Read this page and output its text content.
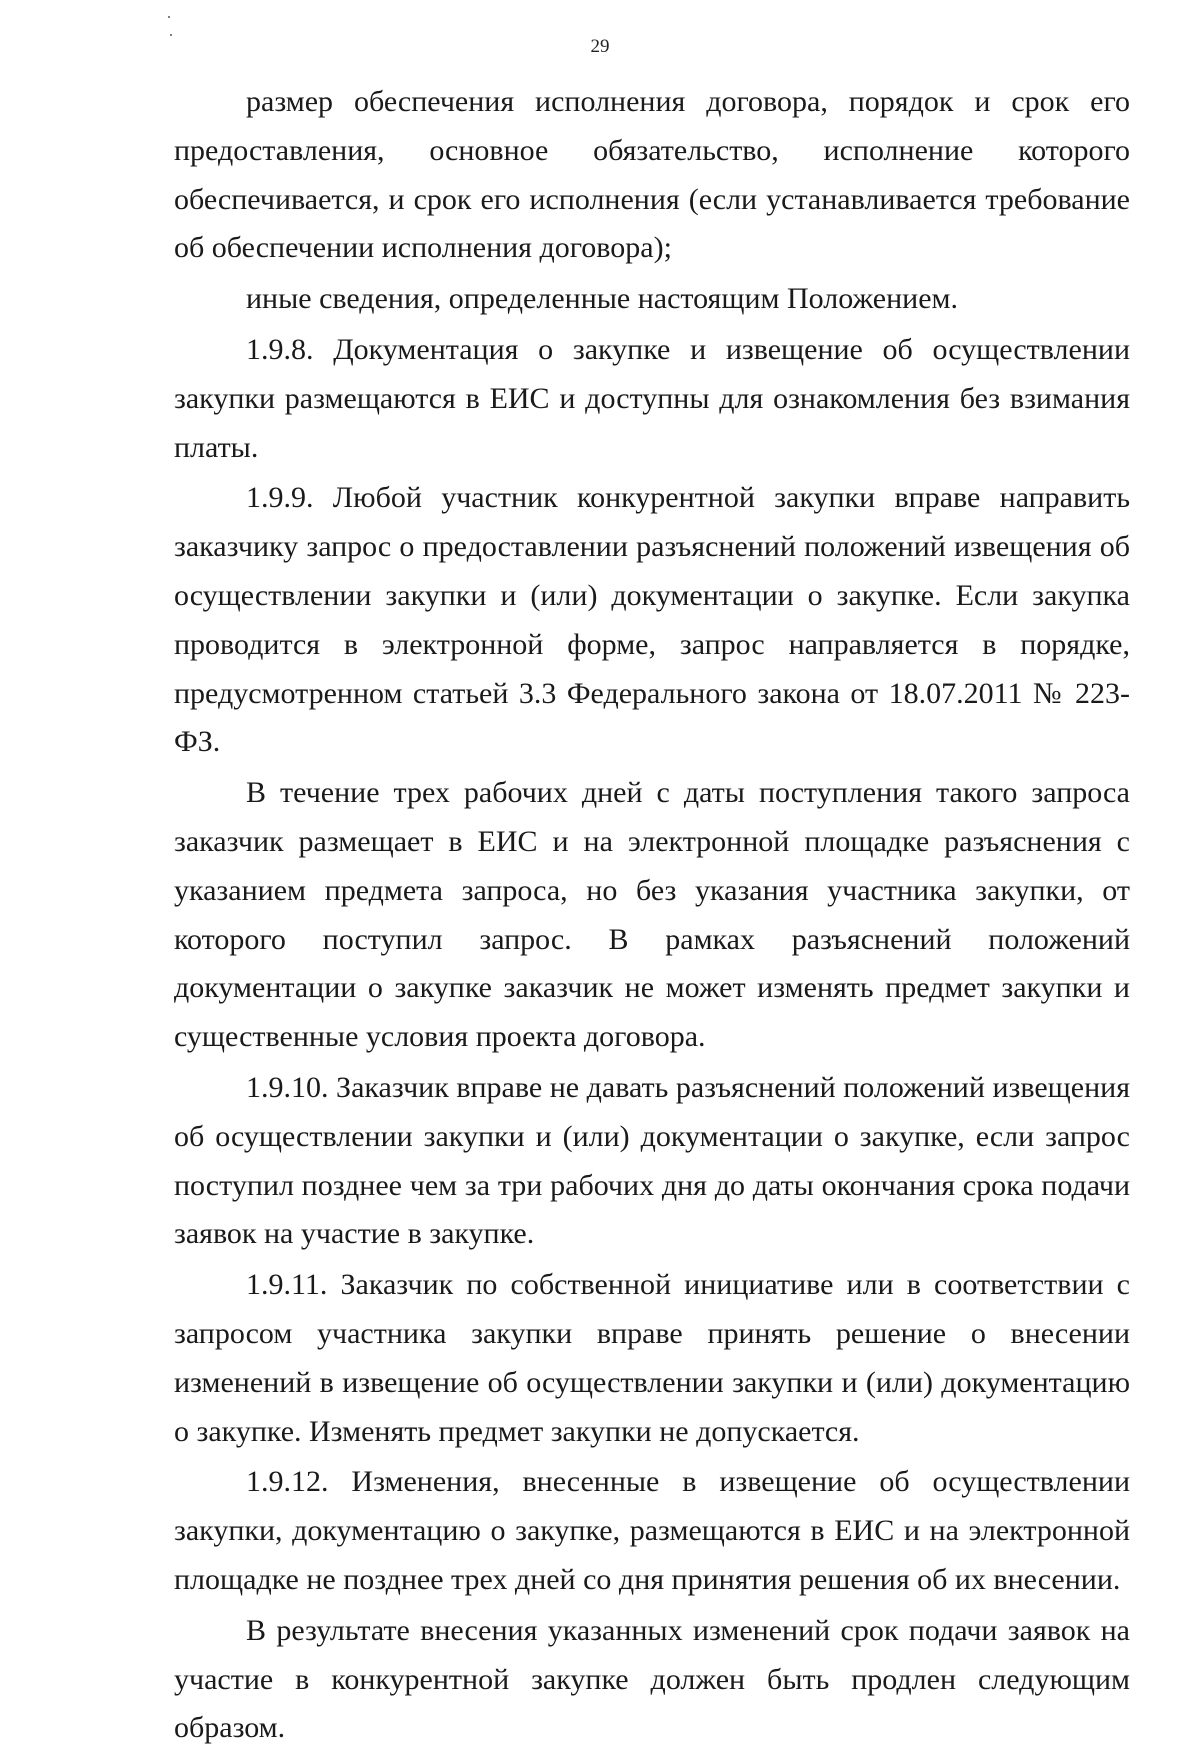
29

размер обеспечения исполнения договора, порядок и срок его предоставления, основное обязательство, исполнение которого обеспечивается, и срок его исполнения (если устанавливается требование об обеспечении исполнения договора);

иные сведения, определенные настоящим Положением.

1.9.8. Документация о закупке и извещение об осуществлении закупки размещаются в ЕИС и доступны для ознакомления без взимания платы.

1.9.9. Любой участник конкурентной закупки вправе направить заказчику запрос о предоставлении разъяснений положений извещения об осуществлении закупки и (или) документации о закупке. Если закупка проводится в электронной форме, запрос направляется в порядке, предусмотренном статьей 3.3 Федерального закона от 18.07.2011 № 223-ФЗ.

В течение трех рабочих дней с даты поступления такого запроса заказчик размещает в ЕИС и на электронной площадке разъяснения с указанием предмета запроса, но без указания участника закупки, от которого поступил запрос. В рамках разъяснений положений документации о закупке заказчик не может изменять предмет закупки и существенные условия проекта договора.

1.9.10. Заказчик вправе не давать разъяснений положений извещения об осуществлении закупки и (или) документации о закупке, если запрос поступил позднее чем за три рабочих дня до даты окончания срока подачи заявок на участие в закупке.

1.9.11. Заказчик по собственной инициативе или в соответствии с запросом участника закупки вправе принять решение о внесении изменений в извещение об осуществлении закупки и (или) документацию о закупке. Изменять предмет закупки не допускается.

1.9.12. Изменения, внесенные в извещение об осуществлении закупки, документацию о закупке, размещаются в ЕИС и на электронной площадке не позднее трех дней со дня принятия решения об их внесении.

В результате внесения указанных изменений срок подачи заявок на участие в конкурентной закупке должен быть продлен следующим образом.
